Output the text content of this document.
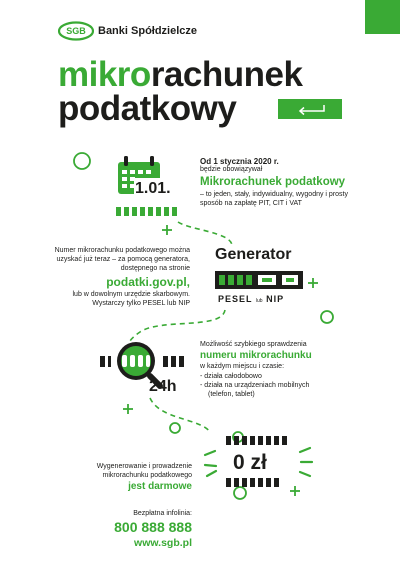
SGB Banki Spółdzielcze
mikrorachunek
podatkowy
Od 1 stycznia 2020 r.
będzie obowiązywał
Mikrorachunek podatkowy
– to jeden, stały, indywidualny, wygodny i prosty sposób na zapłatę PIT, CIT i VAT
1.01.
Numer mikrorachunku podatkowego można uzyskać już teraz – za pomocą generatora, dostępnego na stronie
podatki.gov.pl,
lub w dowolnym urzędzie skarbowym. Wystarczy tylko PESEL lub NIP
Generator
PESEL lub NIP
Możliwość szybkiego sprawdzenia
numeru mikrorachunku
w każdym miejscu i czasie:
- działa całodobowo
- działa na urządzeniach mobilnych
(telefon, tablet)
24h
Wygenerowanie i prowadzenie mikrorachunku podatkowego
jest darmowe
0 zł
Bezpłatna infolinia:
800 888 888
www.sgb.pl
